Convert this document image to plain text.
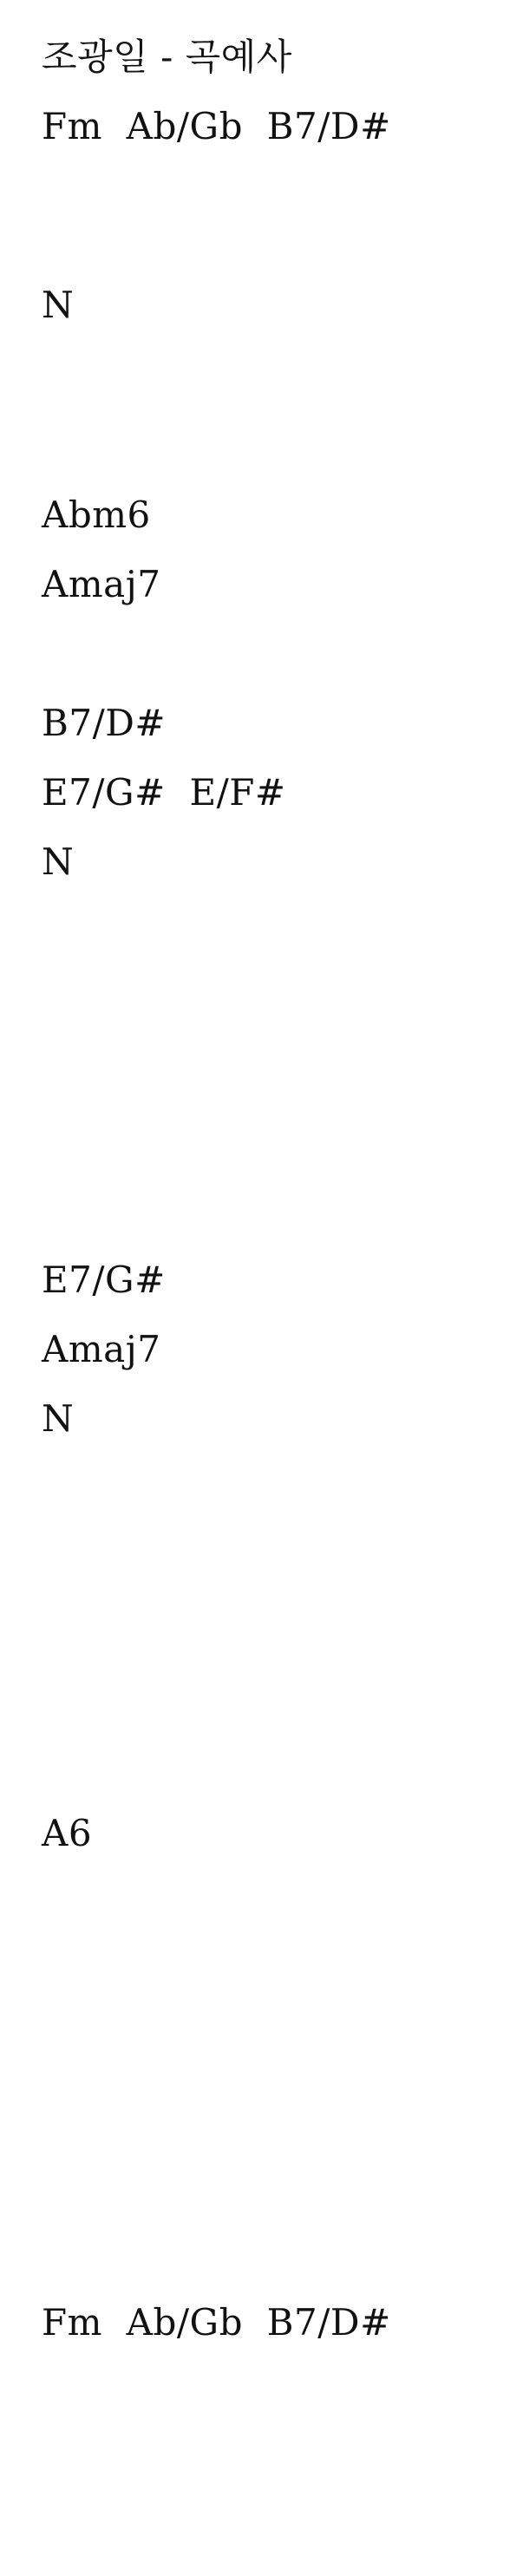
조광일 - 곡예사
Fm  Ab/Gb  B7/D#
N
Abm6
Amaj7
B7/D#
E7/G#  E/F#
N
E7/G#
Amaj7
N
A6
Fm  Ab/Gb  B7/D#
